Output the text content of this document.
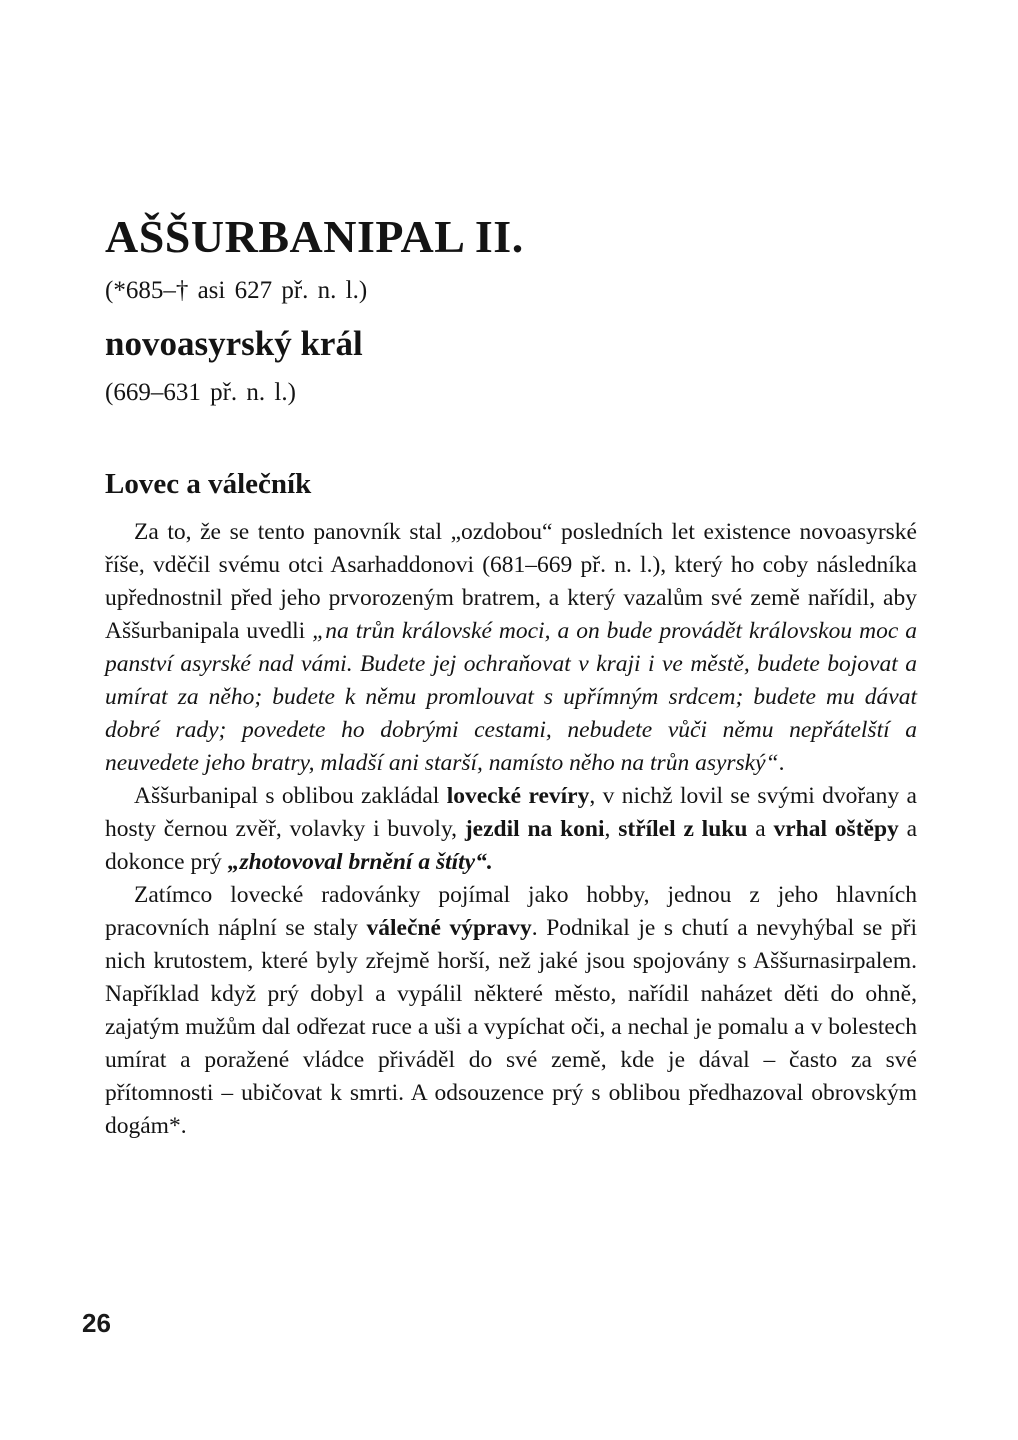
AŠŠURBANIPAL II.
(*685–† asi 627 př. n. l.)
novoasyrský král
(669–631 př. n. l.)
Lovec a válečník

Za to, že se tento panovník stal „ozdobou“ posledních let existence novoasyrské říše, vděčil svému otci Asarhaddonovi (681–669 př. n. l.), který ho coby následníka upřednostnil před jeho prvorozeným bratrem, a který vazalům své země nařídil, aby Aššurbanipala uvedli „na trůn královské moci, a on bude provádět královskou moc a panství asyrské nad vámi. Budete jej ochraňovat v kraji i ve městě, budete bojovat a umírat za něho; budete k němu promlouvat s upřímným srdcem; budete mu dávat dobré rady; povedete ho dobrými cestami, nebudete vůči němu nepřátelští a neuvedete jeho bratry, mladší ani starší, namísto něho na trůn asyrský“.

Aššurbanipal s oblibou zakládal lovecké revíry, v nichž lovil se svými dvořany a hosty černou zvěř, volavky i buvoly, jezdil na koni, střílel z luku a vrhal oštěpy a dokonce prý „zhotovoval brnění a štíty“.

Zatímco lovecké radovánky pojímal jako hobby, jednou z jeho hlavních pracovních náplní se staly válečné výpravy. Podnikal je s chutí a nevyhýbal se při nich krutostem, které byly zřejmě horší, než jaké jsou spojovány s Aššurnasirpalem. Například když prý dobyl a vypálil některé město, nařídil naházet děti do ohně, zajatým mužům dal odřezat ruce a uši a vypíchat oči, a nechal je pomalu a v bolestech umírat a poražené vládce přiváděl do své země, kde je dával – často za své přítomnosti – ubičovat k smrti. A odsouzence prý s oblibou předhazoval obrovským dogám*.

26
